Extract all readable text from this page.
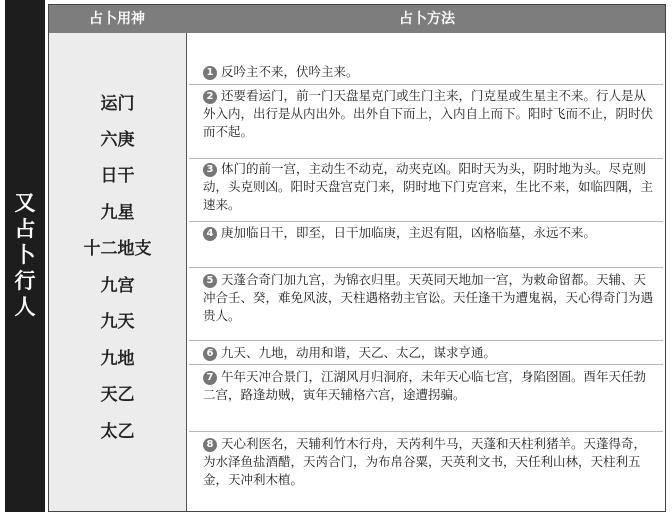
又
占
卜
行
人
占卜用神	占卜方法
运门
六庚
日干
九星
十二地支
九宫
九天
九地
天乙
太乙
1 反吟主不来，伏吟主来。
2 还要看运门，前一门天盘星克门或生门主来，门克星或生星主不来。行人是从外入内，出行是从内出外。出外自下而上，入内自上而下。阳时飞而不止，阴时伏而不起。
3 体门的前一宫，主动生不动克，动夹克凶。阳时天为头，阴时地为头。尽克则动，头克则凶。阳时天盘宫克门来，阴时地下门克宫来，生比不来，如临四隅，主速来。
4 庚加临日干，即至，日干加临庚，主迟有阻，凶格临墓，永远不来。
5 天蓬合奇门加九宫，为锦衣归里。天英同天地加一宫，为敕命留都。天辅、天冲合壬、癸，难免风波，天柱遇格勃主官讼。天任逢干为遭鬼祸，天心得奇门为遇贵人。
6 九天、九地，动用和谐，天乙、太乙，谋求亨通。
7 午年天冲合景门，江湖风月归洞府，未年天心临七宫，身陷囹圄。酉年天任勃二宫，路逢劫贼，寅年天辅格六宫，途遭拐骗。
8 天心利医名，天辅利竹木行舟，天芮利牛马，天蓬和天柱利猪羊。天蓬得奇，为水泽鱼盐酒醋，天芮合门，为布帛谷粟，天英利文书，天任利山林，天柱利五金，天冲利木植。
